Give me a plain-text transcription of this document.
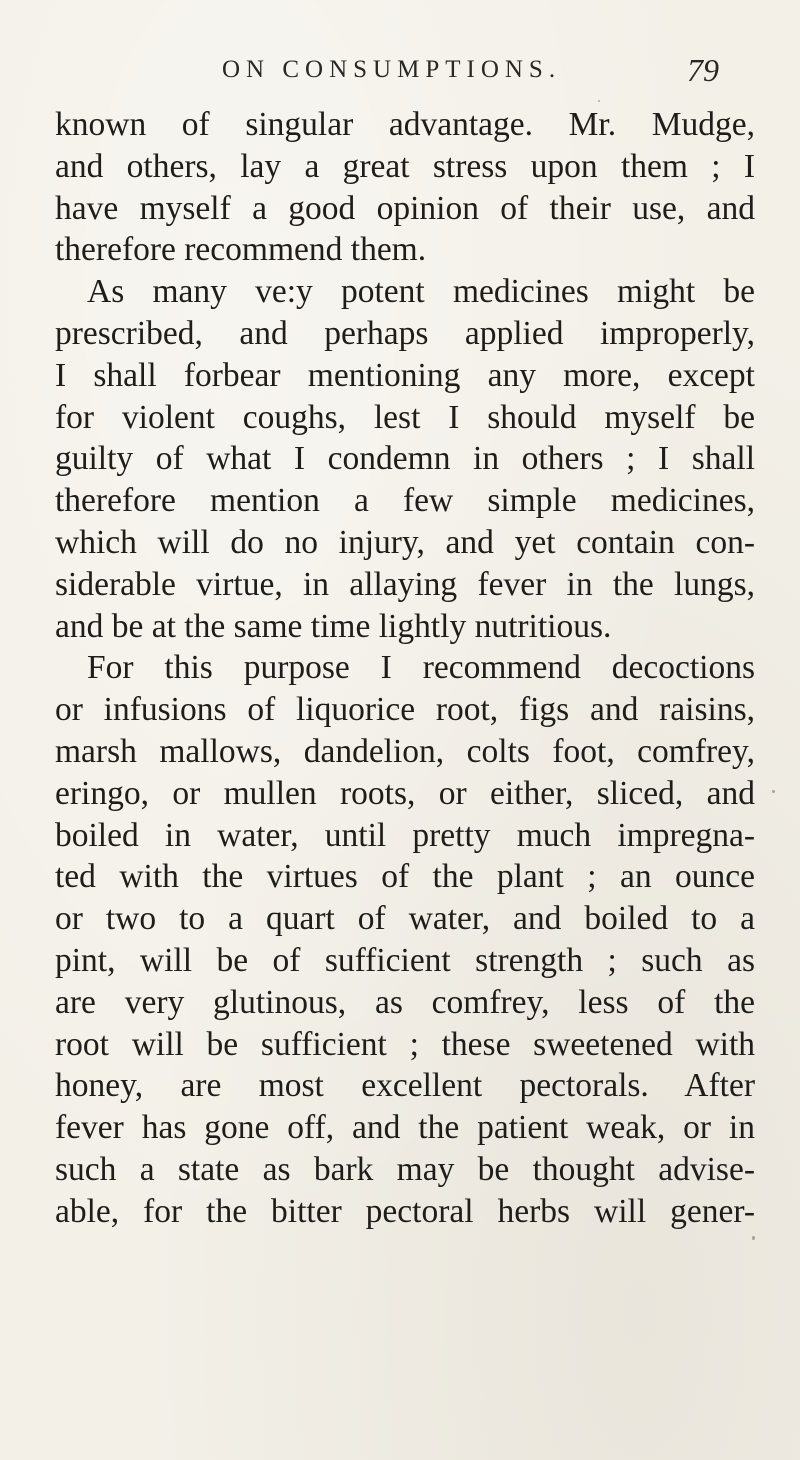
ON CONSUMPTIONS.	79
known of singular advantage. Mr. Mudge,
and others, lay a great stress upon them ; I
have myself a good opinion of their use, and
therefore recommend them.
As many ve:y potent medicines might be
prescribed, and perhaps applied improperly,
I shall forbear mentioning any more, except
for violent coughs, lest I should myself be
guilty of what I condemn in others ; I shall
therefore mention a few simple medicines,
which will do no injury, and yet contain con-
siderable virtue, in allaying fever in the lungs,
and be at the same time lightly nutritious.
For this purpose I recommend decoctions
or infusions of liquorice root, figs and raisins,
marsh mallows, dandelion, colts foot, comfrey,
eringo, or mullen roots, or either, sliced, and
boiled in water, until pretty much impregna-
ted with the virtues of the plant ; an ounce
or two to a quart of water, and boiled to a
pint, will be of sufficient strength ; such as
are very glutinous, as comfrey, less of the
root will be sufficient ; these sweetened with
honey, are most excellent pectorals. After
fever has gone off, and the patient weak, or in
such a state as bark may be thought advise-
able, for the bitter pectoral herbs will gener-
